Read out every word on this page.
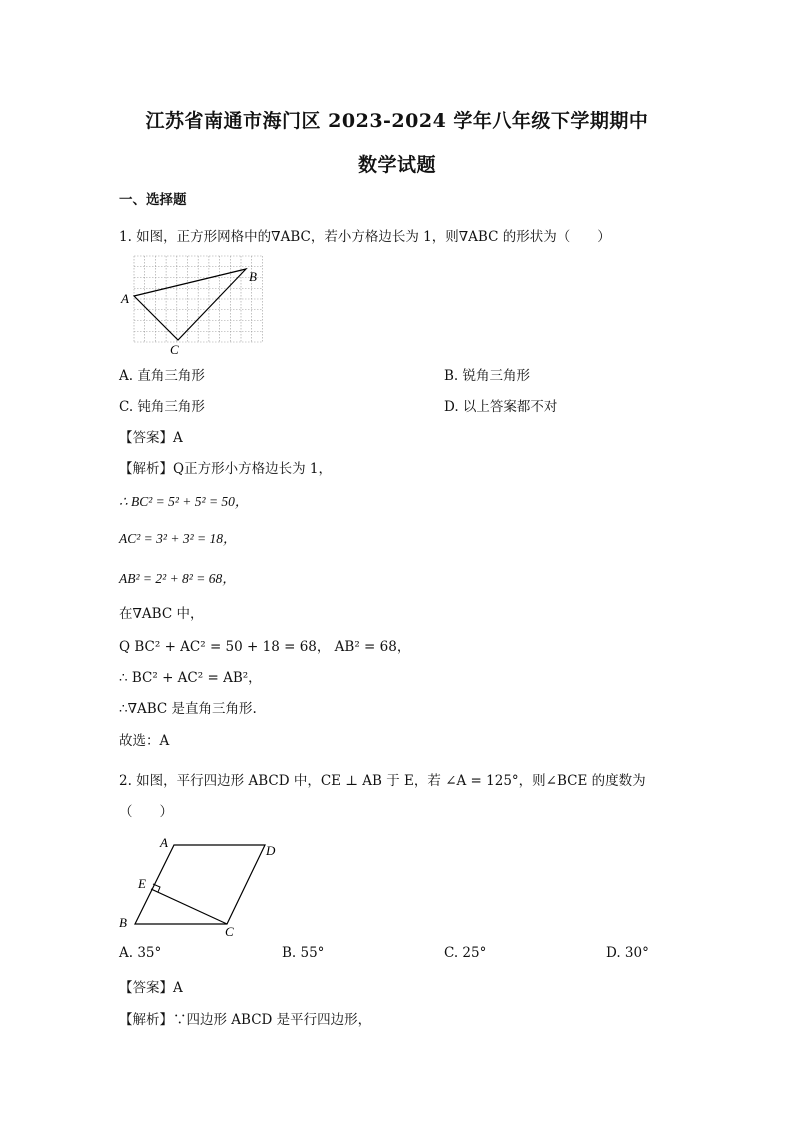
江苏省南通市海门区 2023-2024 学年八年级下学期期中
数学试题
一、选择题
1. 如图，正方形网格中的∇ABC，若小方格边长为 1，则∇ABC 的形状为（　　）
A
B
C
A. 直角三角形	B. 锐角三角形
C. 钝角三角形	D. 以上答案都不对
【答案】A
【解析】Q正方形小方格边长为 1，
∴ BC² = 5² + 5² = 50，
AC² = 3² + 3² = 18，
AB² = 2² + 8² = 68，
在∇ABC 中，
Q BC² + AC² = 50 + 18 = 68， AB² = 68，
∴ BC² + AC² = AB²，
∴∇ABC 是直角三角形.
故选：A
2. 如图，平行四边形 ABCD 中，CE ⊥ AB 于 E，若 ∠A = 125°，则∠BCE 的度数为
（　　）
A
D
E
B
C
A. 35°	B. 55°	C. 25°	D. 30°
【答案】A
【解析】∵四边形 ABCD 是平行四边形，
